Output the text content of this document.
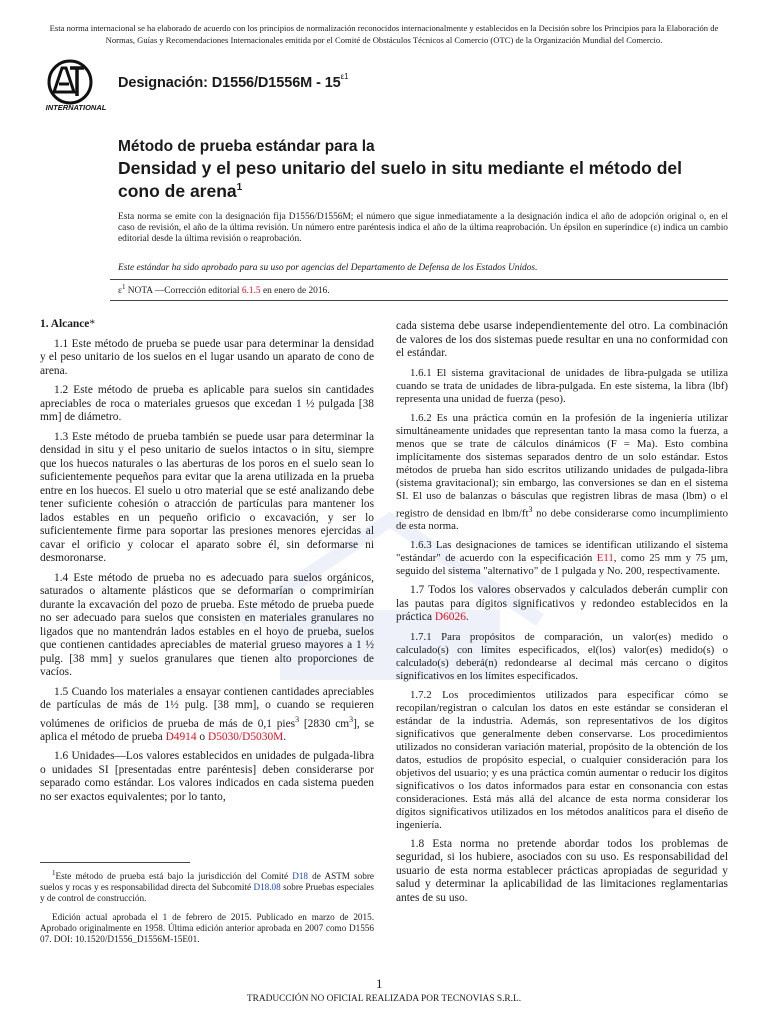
Esta norma internacional se ha elaborado de acuerdo con los principios de normalización reconocidos internacionalmente y establecidos en la Decisión sobre los Principios para la Elaboración de Normas, Guías y Recomendaciones Internacionales emitida por el Comité de Obstáculos Técnicos al Comercio (OTC) de la Organización Mundial del Comercio.
INTERNATIONAL
Designación: $D1556/D1556M - 15^{\varepsilon 1}$
Método de prueba estándar para la
Densidad y el peso unitario del suelo in situ mediante el método del cono de arena$^1$
Esta norma se emite con la designación fija D1556/D1556M; el número que sigue inmediatamente a la designación indica el año de adopción original o, en el caso de revisión, el año de la última revisión. Un número entre paréntesis indica el año de la última reaprobación. Un épsilon en superíndice (ε) indica un cambio editorial desde la última revisión o reaprobación.
Este estándar ha sido aprobado para su uso por agencias del Departamento de Defensa de los Estados Unidos.
$\varepsilon^1$ NOTA —Corrección editorial 6.1.5 en enero de 2016.

1. Alcance*

1.1 Este método de prueba se puede usar para determinar la densidad y el peso unitario de los suelos en el lugar usando un aparato de cono de arena.

1.2 Este método de prueba es aplicable para suelos sin cantidades apreciables de roca o materiales gruesos que excedan 1 ½ pulgada [38 mm] de diámetro.

1.3 Este método de prueba también se puede usar para determinar la densidad in situ y el peso unitario de suelos intactos o in situ, siempre que los huecos naturales o las aberturas de los poros en el suelo sean lo suficientemente pequeños para evitar que la arena utilizada en la prueba entre en los huecos. El suelo u otro material que se esté analizando debe tener suficiente cohesión o atracción de partículas para mantener los lados estables en un pequeño orificio o excavación, y ser lo suficientemente firme para soportar las presiones menores ejercidas al cavar el orificio y colocar el aparato sobre él, sin deformarse ni desmoronarse.

1.4 Este método de prueba no es adecuado para suelos orgánicos, saturados o altamente plásticos que se deformarían o comprimirían durante la excavación del pozo de prueba. Este método de prueba puede no ser adecuado para suelos que consisten en materiales granulares no ligados que no mantendrán lados estables en el hoyo de prueba, suelos que contienen cantidades apreciables de material grueso mayores a 1 ½ pulg. [38 mm] y suelos granulares que tienen alto proporciones de vacíos.

1.5 Cuando los materiales a ensayar contienen cantidades apreciables de partículas de más de 1½ pulg. [38 mm], o cuando se requieren volúmenes de orificios de prueba de más de 0,1 pies$^3$ [2830 $cm^3$], se aplica el método de prueba D4914 o D5030/D5030M.

1.6 Unidades—Los valores establecidos en unidades de pulgada-libra o unidades SI [presentadas entre paréntesis] deben considerarse por separado como estándar. Los valores indicados en cada sistema pueden no ser exactos equivalentes; por lo tanto,

cada sistema debe usarse independientemente del otro. La combinación de valores de los dos sistemas puede resultar en una no conformidad con el estándar.

1.6.1 El sistema gravitacional de unidades de libra-pulgada se utiliza cuando se trata de unidades de libra-pulgada. En este sistema, la libra (lbf) representa una unidad de fuerza (peso).

1.6.2 Es una práctica común en la profesión de la ingeniería utilizar simultáneamente unidades que representan tanto la masa como la fuerza, a menos que se trate de cálculos dinámicos (F = Ma). Esto combina implícitamente dos sistemas separados dentro de un solo estándar. Estos métodos de prueba han sido escritos utilizando unidades de pulgada-libra (sistema gravitacional); sin embargo, las conversiones se dan en el sistema SI. El uso de balanzas o básculas que registren libras de masa (lbm) o el registro de densidad en lbm/$ft^3$ no debe considerarse como incumplimiento de esta norma.

1.6.3 Las designaciones de tamices se identifican utilizando el sistema "estándar" de acuerdo con la especificación E11, como 25 mm y 75 µm, seguido del sistema "alternativo" de 1 pulgada y No. 200, respectivamente.

1.7 Todos los valores observados y calculados deberán cumplir con las pautas para dígitos significativos y redondeo establecidos en la práctica D6026.

1.7.1 Para propósitos de comparación, un valor(es) medido o calculado(s) con límites especificados, el(los) valor(es) medido(s) o calculado(s) deberá(n) redondearse al decimal más cercano o dígitos significativos en los límites especificados.

1.7.2 Los procedimientos utilizados para especificar cómo se recopilan/registran o calculan los datos en este estándar se consideran el estándar de la industria. Además, son representativos de los dígitos significativos que generalmente deben conservarse. Los procedimientos utilizados no consideran variación material, propósito de la obtención de los datos, estudios de propósito especial, o cualquier consideración para los objetivos del usuario; y es una práctica común aumentar o reducir los dígitos significativos o los datos informados para estar en consonancia con estas consideraciones. Está más allá del alcance de esta norma considerar los dígitos significativos utilizados en los métodos analíticos para el diseño de ingeniería.

1.8 Esta norma no pretende abordar todos los problemas de seguridad, si los hubiere, asociados con su uso. Es responsabilidad del usuario de esta norma establecer prácticas apropiadas de seguridad y salud y determinar la aplicabilidad de las limitaciones reglamentarias antes de su uso.

$^1$Este método de prueba está bajo la jurisdicción del Comité D18 de ASTM sobre suelos y rocas y es responsabilidad directa del Subcomité D18.08 sobre Pruebas especiales y de control de construcción.

Edición actual aprobada el 1 de febrero de 2015. Publicado en marzo de 2015. Aprobado originalmente en 1958. Última edición anterior aprobada en 2007 como D1556 07. DOI: 10.1520/D1556_D1556M-15E01.

1
TRADUCCIÓN NO OFICIAL REALIZADA POR TECNOVIAS S.R.L.
